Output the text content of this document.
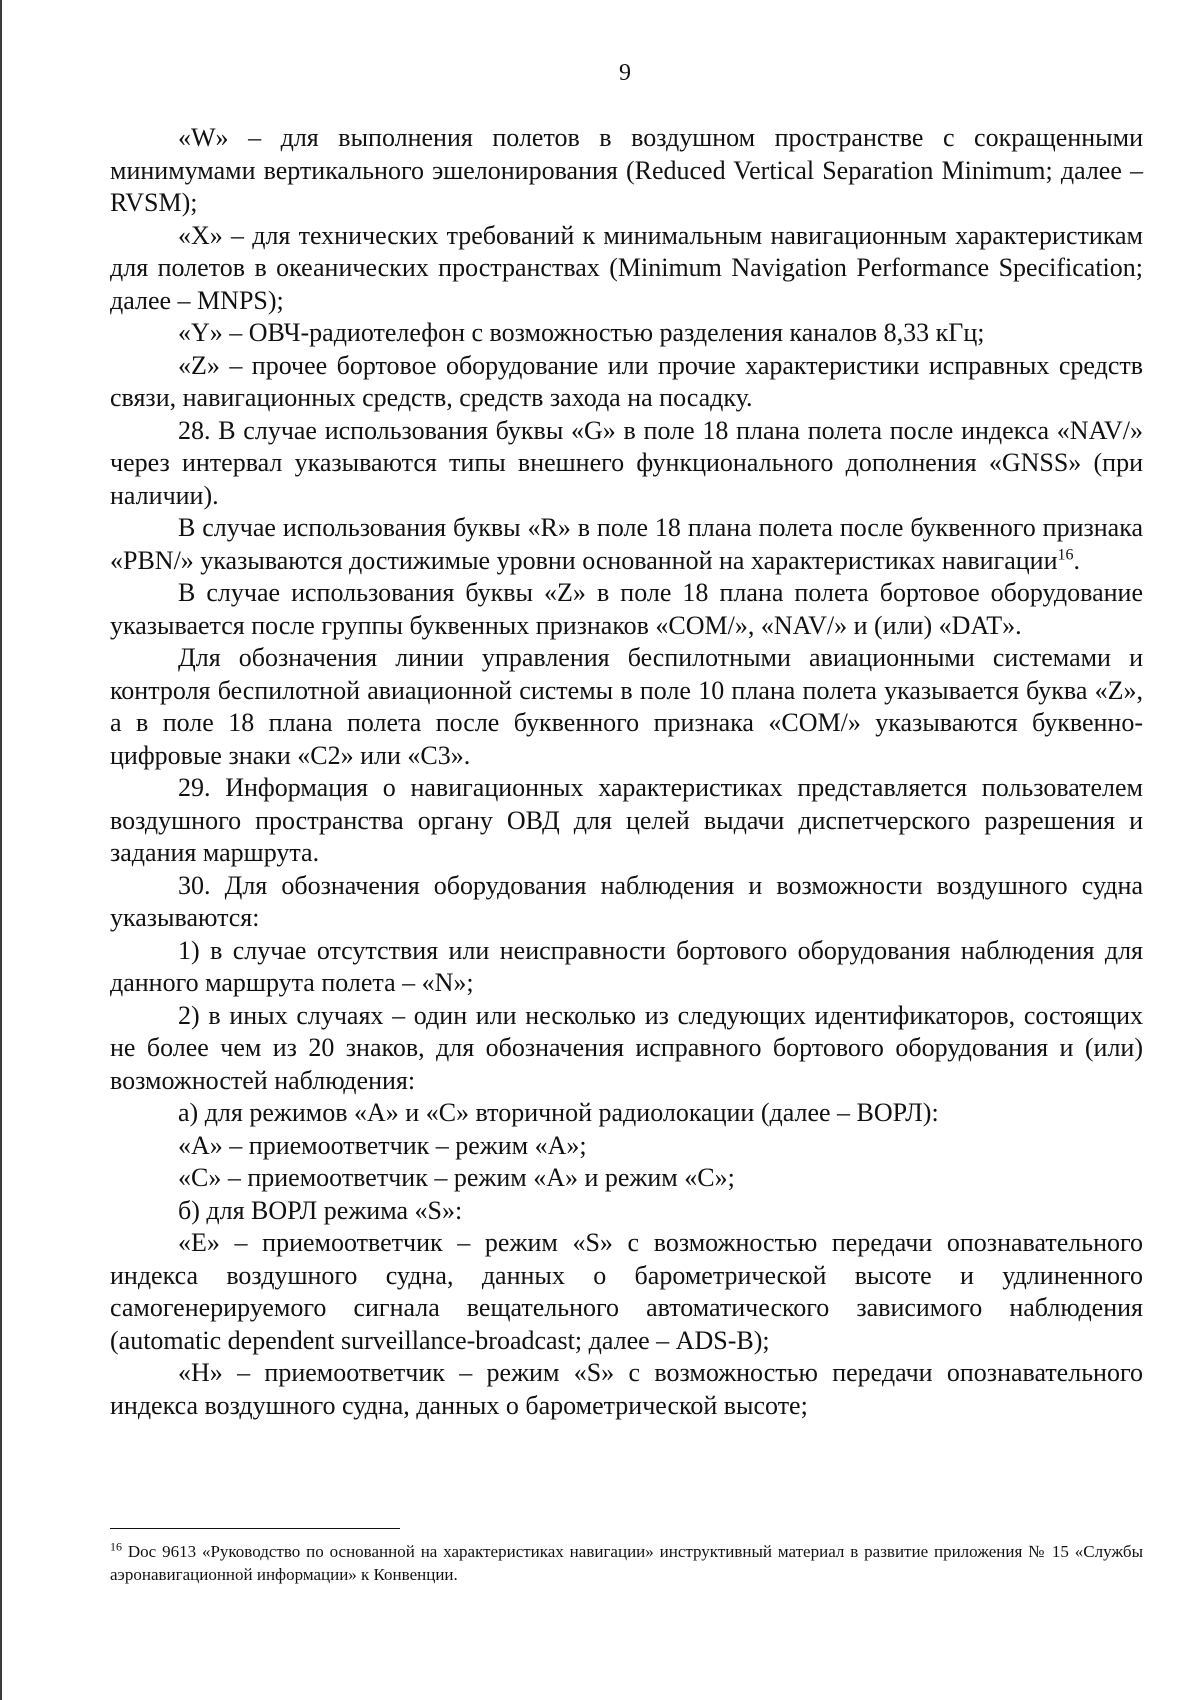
9

«W» – для выполнения полетов в воздушном пространстве с сокращенными минимумами вертикального эшелонирования (Reduced Vertical Separation Minimum; далее – RVSM);

«X» – для технических требований к минимальным навигационным характеристикам для полетов в океанических пространствах (Minimum Navigation Performance Specification; далее – MNPS);

«Y» – ОВЧ-радиотелефон с возможностью разделения каналов 8,33 кГц;

«Z» – прочее бортовое оборудование или прочие характеристики исправных средств связи, навигационных средств, средств захода на посадку.

28. В случае использования буквы «G» в поле 18 плана полета после индекса «NAV/» через интервал указываются типы внешнего функционального дополнения «GNSS» (при наличии).

В случае использования буквы «R» в поле 18 плана полета после буквенного признака «PBN/» указываются достижимые уровни основанной на характеристиках навигации$^{16}$.

В случае использования буквы «Z» в поле 18 плана полета бортовое оборудование указывается после группы буквенных признаков «COM/», «NAV/» и (или) «DAT».

Для обозначения линии управления беспилотными авиационными системами и контроля беспилотной авиационной системы в поле 10 плана полета указывается буква «Z», а в поле 18 плана полета после буквенного признака «COM/» указываются буквенно-цифровые знаки «C2» или «C3».

29. Информация о навигационных характеристиках представляется пользователем воздушного пространства органу ОВД для целей выдачи диспетчерского разрешения и задания маршрута.

30. Для обозначения оборудования наблюдения и возможности воздушного судна указываются:

1) в случае отсутствия или неисправности бортового оборудования наблюдения для данного маршрута полета – «N»;

2) в иных случаях – один или несколько из следующих идентификаторов, состоящих не более чем из 20 знаков, для обозначения исправного бортового оборудования и (или) возможностей наблюдения:

а) для режимов «A» и «C» вторичной радиолокации (далее – ВОРЛ):

«A» – приемоответчик – режим «A»;

«C» – приемоответчик – режим «A» и режим «C»;

б) для ВОРЛ режима «S»:

«E» – приемоответчик – режим «S» с возможностью передачи опознавательного индекса воздушного судна, данных о барометрической высоте и удлиненного самогенерируемого сигнала вещательного автоматического зависимого наблюдения (automatic dependent surveillance-broadcast; далее – ADS-B);

«H» – приемоответчик – режим «S» с возможностью передачи опознавательного индекса воздушного судна, данных о барометрической высоте;

$^{16}$ Doc 9613 «Руководство по основанной на характеристиках навигации» инструктивный материал в развитие приложения № 15 «Службы аэронавигационной информации» к Конвенции.
